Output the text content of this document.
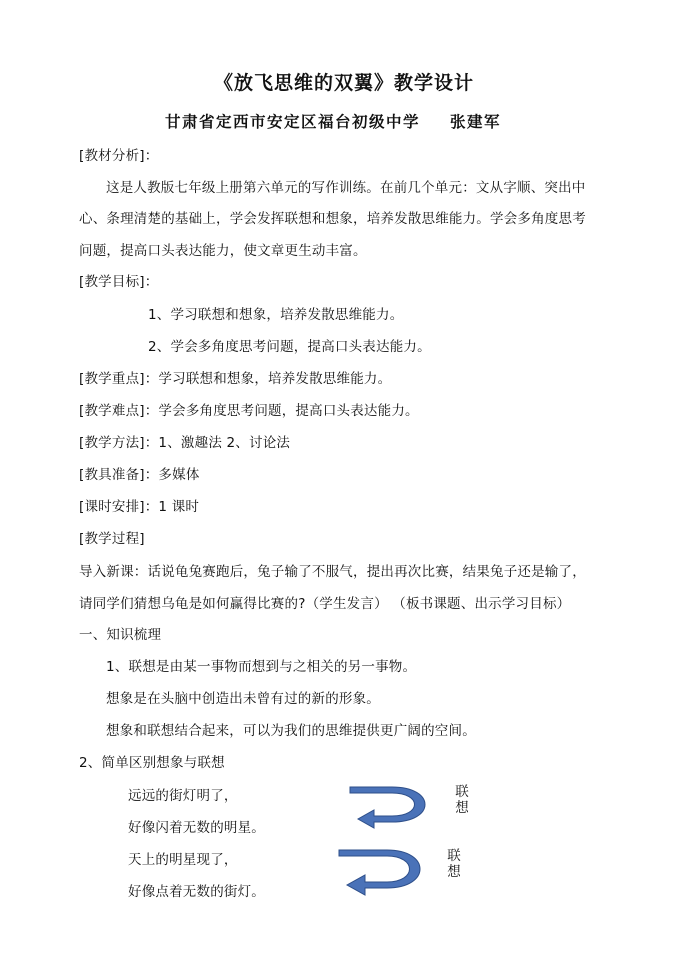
《放飞思维的双翼》教学设计
甘肃省定西市安定区福台初级中学 张建军
[教材分析]：
这是人教版七年级上册第六单元的写作训练。在前几个单元：文从字顺、突出中
心、条理清楚的基础上，学会发挥联想和想象，培养发散思维能力。学会多角度思考
问题，提高口头表达能力，使文章更生动丰富。
[教学目标]：
1、学习联想和想象，培养发散思维能力。
2、学会多角度思考问题，提高口头表达能力。
[教学重点]：学习联想和想象，培养发散思维能力。
[教学难点]：学会多角度思考问题，提高口头表达能力。
[教学方法]：1、激趣法 2、讨论法
[教具准备]：多媒体
[课时安排]：1 课时
[教学过程]
导入新课：话说龟兔赛跑后，兔子输了不服气，提出再次比赛，结果兔子还是输了，
请同学们猜想乌龟是如何赢得比赛的?（学生发言） （板书课题、出示学习目标）
一、知识梳理
1、联想是由某一事物而想到与之相关的另一事物。
想象是在头脑中创造出未曾有过的新的形象。
想象和联想结合起来，可以为我们的思维提供更广阔的空间。
2、简单区别想象与联想
远远的街灯明了，
好像闪着无数的明星。
天上的明星现了，
好像点着无数的街灯。
联想
联想
